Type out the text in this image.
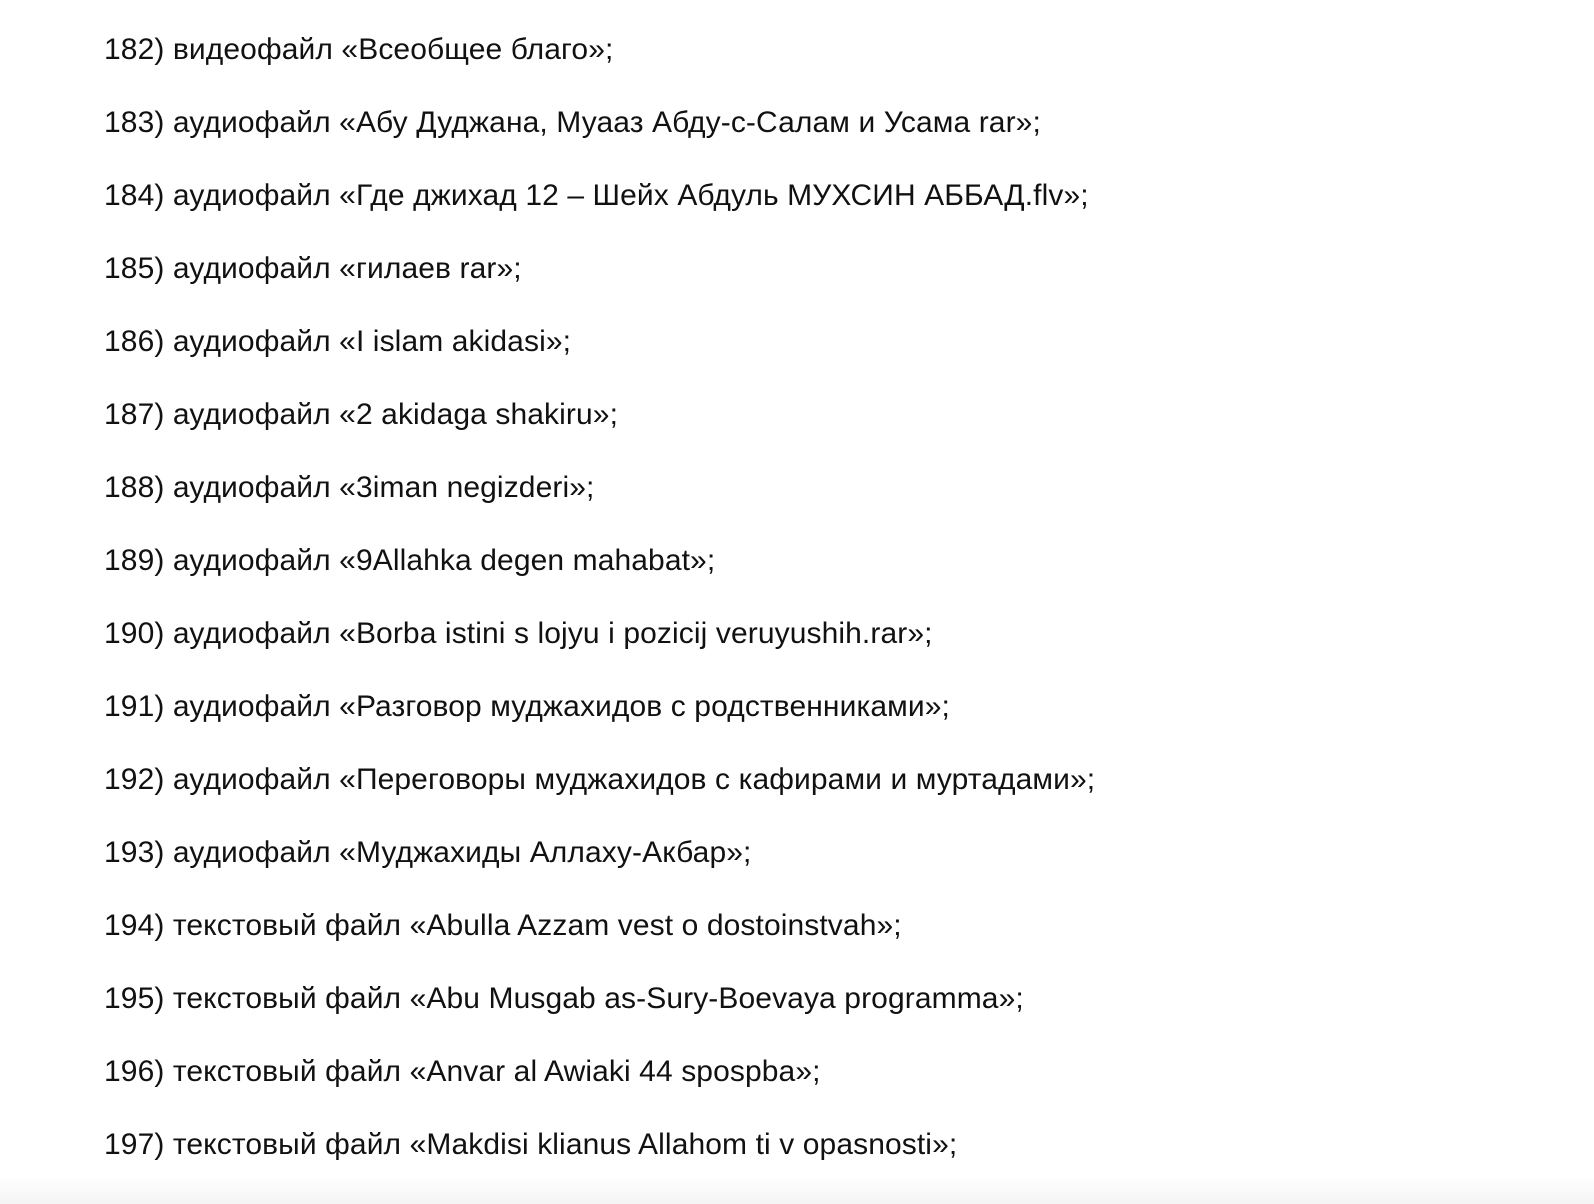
182) видеофайл «Всеобщее благо»;
183) аудиофайл «Абу Дуджана, Муааз Абду-с-Салам и Усама rar»;
184) аудиофайл «Где джихад 12 – Шейх Абдуль МУХСИН АББАД.flv»;
185) аудиофайл «гилаев rar»;
186) аудиофайл «I islam akidasi»;
187) аудиофайл «2 akidaga shakiru»;
188) аудиофайл «3iman negizderi»;
189) аудиофайл «9Allahka degen mahabat»;
190) аудиофайл «Borba istini s lojyu i pozicij veruyushih.rar»;
191) аудиофайл «Разговор муджахидов с родственниками»;
192) аудиофайл «Переговоры муджахидов с кафирами и муртадами»;
193) аудиофайл «Муджахиды Аллаху-Акбар»;
194) текстовый файл «Abulla Azzam vest o dostoinstvah»;
195) текстовый файл «Abu Musgab as-Sury-Boevaya programma»;
196) текстовый файл «Anvar al Awiaki 44 spospba»;
197) текстовый файл «Makdisi klianus Allahom ti v opasnosti»;
